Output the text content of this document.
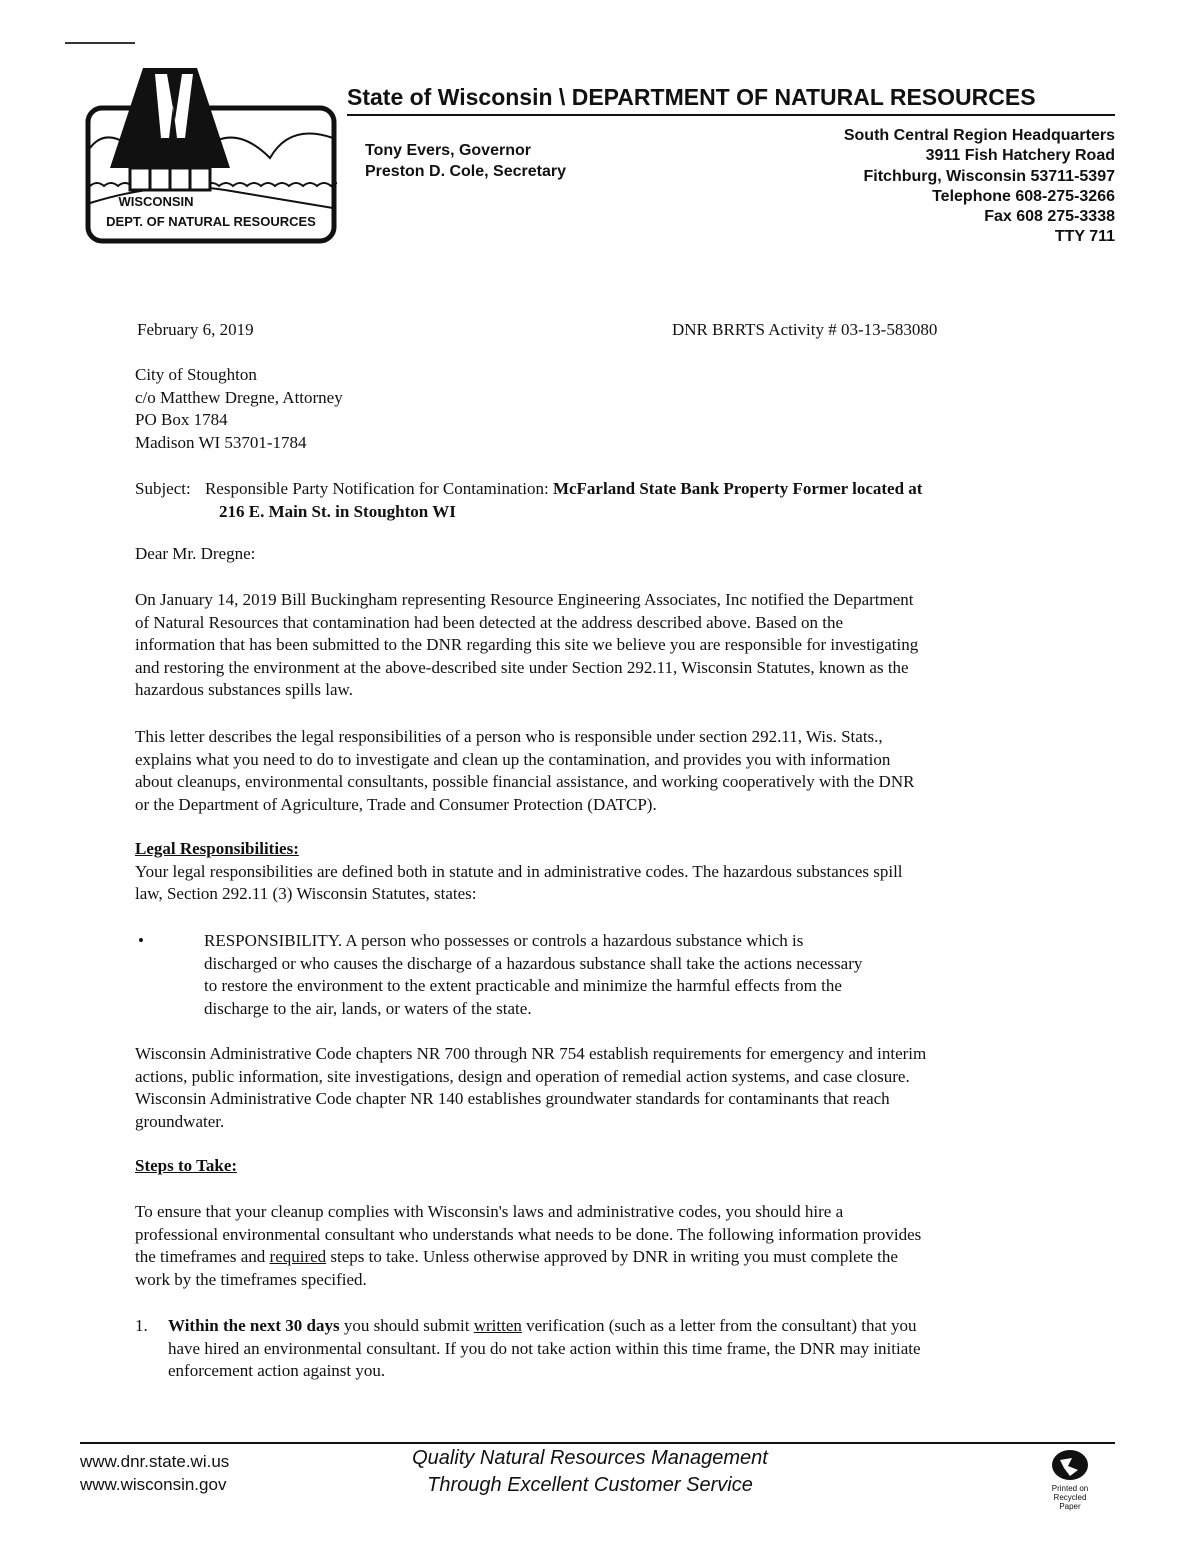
WISCONSIN
DEPT. OF NATURAL RESOURCES
State of Wisconsin \ DEPARTMENT OF NATURAL RESOURCES
Tony Evers, Governor
Preston D. Cole, Secretary
South Central Region Headquarters
3911 Fish Hatchery Road
Fitchburg, Wisconsin 53711-5397
Telephone 608-275-3266
Fax 608 275-3338
TTY 711
February 6, 2019	DNR BRRTS Activity # 03-13-583080
City of Stoughton
c/o Matthew Dregne, Attorney
PO Box 1784
Madison WI 53701-1784
Subject: Responsible Party Notification for Contamination: McFarland State Bank Property Former located at
216 E. Main St. in Stoughton WI
Dear Mr. Dregne:
On January 14, 2019 Bill Buckingham representing Resource Engineering Associates, Inc notified the Department
of Natural Resources that contamination had been detected at the address described above. Based on the
information that has been submitted to the DNR regarding this site we believe you are responsible for investigating
and restoring the environment at the above-described site under Section 292.11, Wisconsin Statutes, known as the
hazardous substances spills law.
This letter describes the legal responsibilities of a person who is responsible under section 292.11, Wis. Stats.,
explains what you need to do to investigate and clean up the contamination, and provides you with information
about cleanups, environmental consultants, possible financial assistance, and working cooperatively with the DNR
or the Department of Agriculture, Trade and Consumer Protection (DATCP).
Legal Responsibilities:
Your legal responsibilities are defined both in statute and in administrative codes. The hazardous substances spill
law, Section 292.11 (3) Wisconsin Statutes, states:
•	RESPONSIBILITY. A person who possesses or controls a hazardous substance which is
discharged or who causes the discharge of a hazardous substance shall take the actions necessary
to restore the environment to the extent practicable and minimize the harmful effects from the
discharge to the air, lands, or waters of the state.
Wisconsin Administrative Code chapters NR 700 through NR 754 establish requirements for emergency and interim
actions, public information, site investigations, design and operation of remedial action systems, and case closure.
Wisconsin Administrative Code chapter NR 140 establishes groundwater standards for contaminants that reach
groundwater.
Steps to Take:
To ensure that your cleanup complies with Wisconsin's laws and administrative codes, you should hire a
professional environmental consultant who understands what needs to be done. The following information provides
the timeframes and required steps to take. Unless otherwise approved by DNR in writing you must complete the
work by the timeframes specified.
1. Within the next 30 days you should submit written verification (such as a letter from the consultant) that you
have hired an environmental consultant. If you do not take action within this time frame, the DNR may initiate
enforcement action against you.
www.dnr.state.wi.us
www.wisconsin.gov
Quality Natural Resources Management
Through Excellent Customer Service	Printed on
Recycled
Paper
